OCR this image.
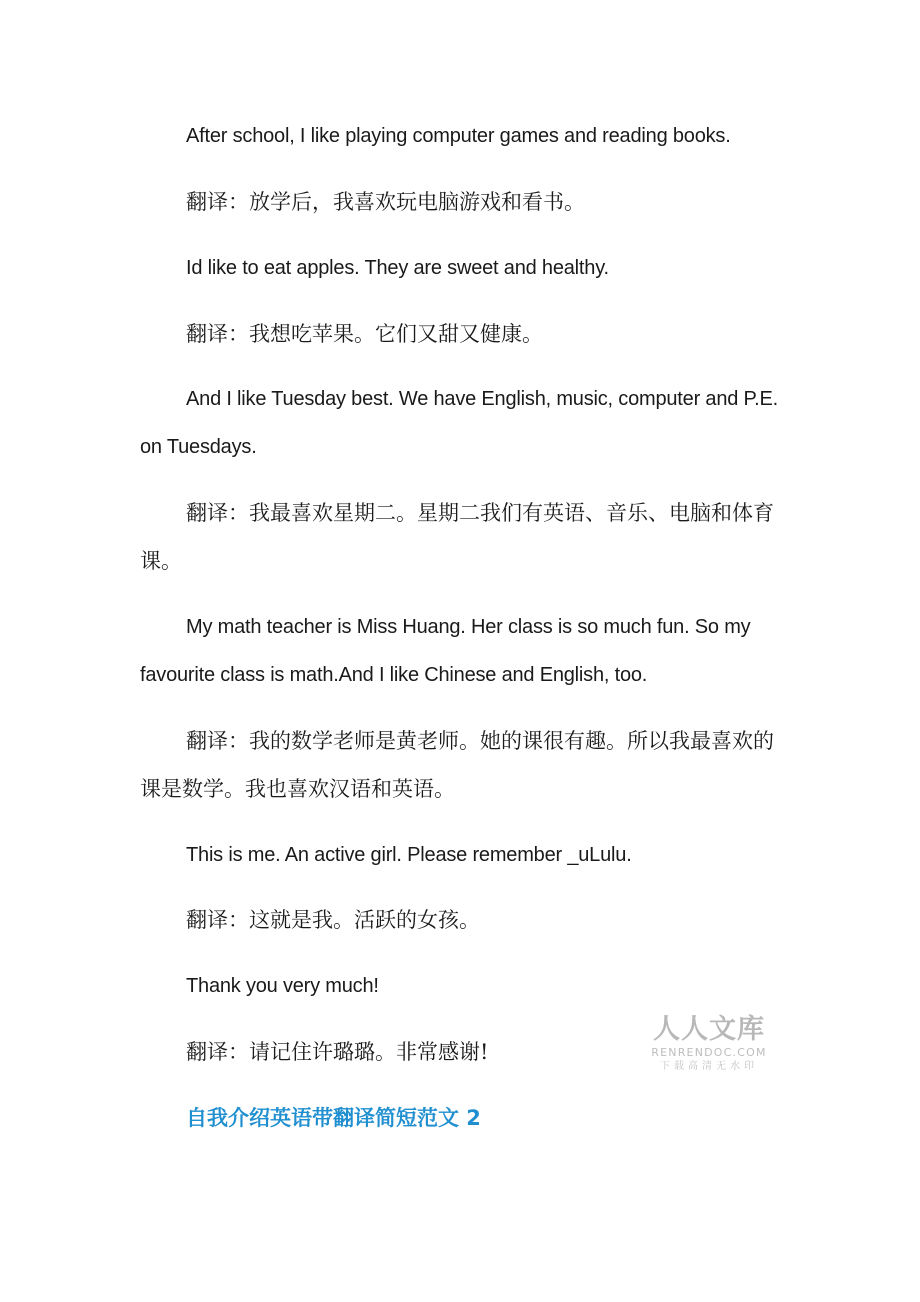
After school, I like playing computer games and reading books.
翻译：放学后，我喜欢玩电脑游戏和看书。
Id like to eat apples. They are sweet and healthy.
翻译：我想吃苹果。它们又甜又健康。
And I like Tuesday best. We have English, music, computer and P.E. on Tuesdays.
翻译：我最喜欢星期二。星期二我们有英语、音乐、电脑和体育课。
My math teacher is Miss Huang. Her class is so much fun. So my favourite class is math.And I like Chinese and English, too.
翻译：我的数学老师是黄老师。她的课很有趣。所以我最喜欢的课是数学。我也喜欢汉语和英语。
This is me. An active girl. Please remember _uLulu.
翻译：这就是我。活跃的女孩。
Thank you very much!
翻译：请记住许璐璐。非常感谢!
自我介绍英语带翻译简短范文 2
人人文库
RENRENDOC.COM
下载高清无水印
